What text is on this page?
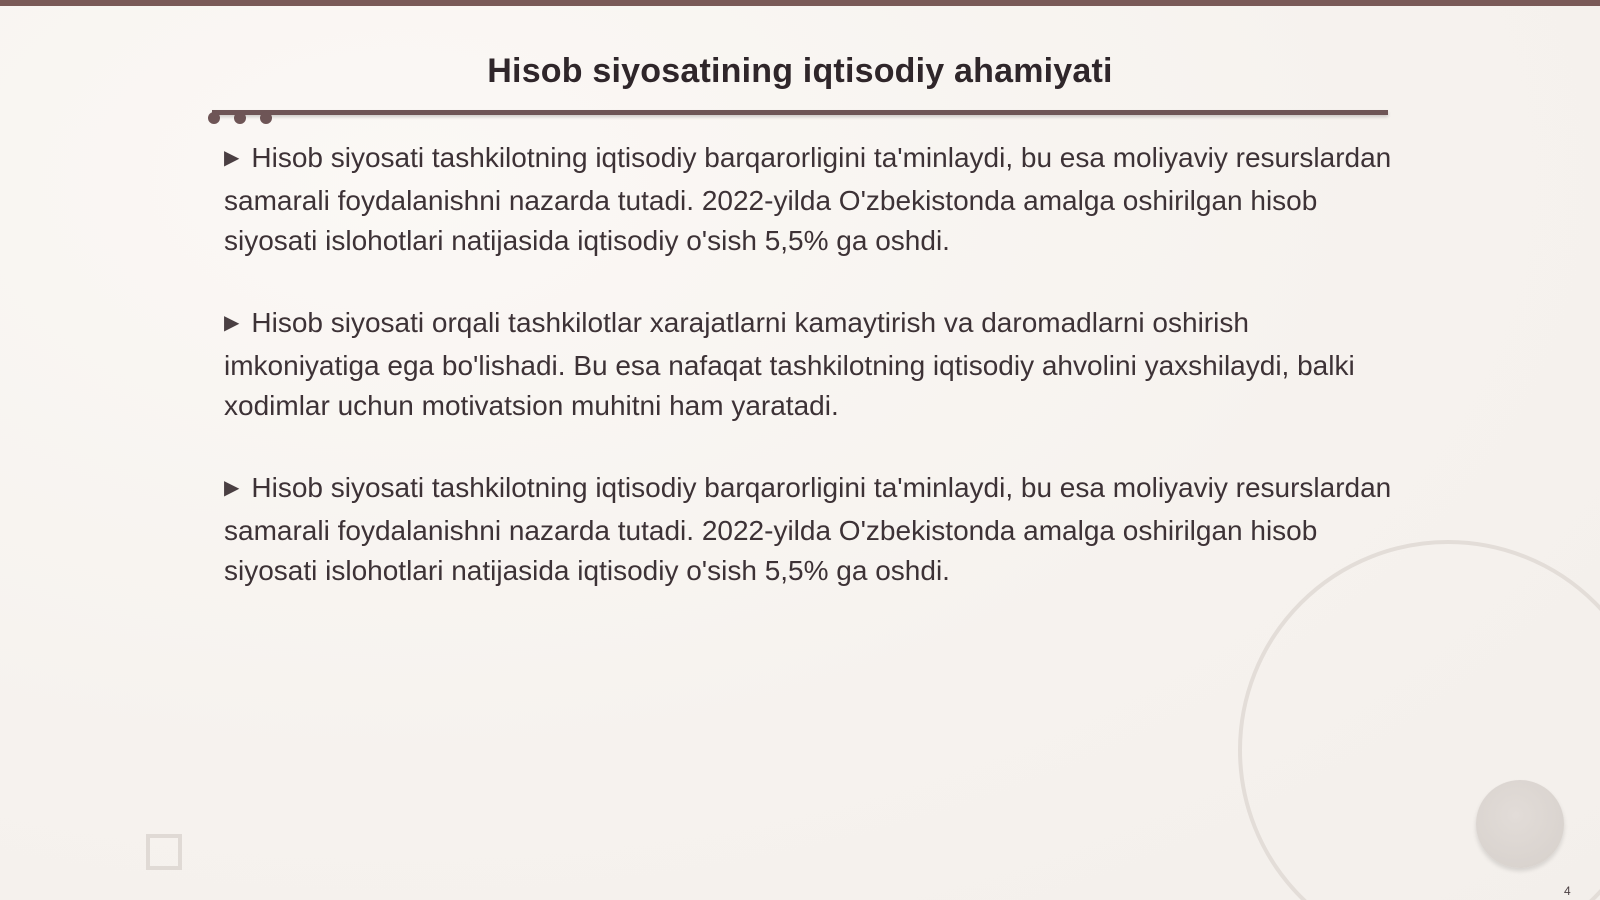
Hisob siyosatining iqtisodiy ahamiyati

▶ Hisob siyosati tashkilotning iqtisodiy barqarorligini ta'minlaydi, bu esa moliyaviy resurslardan samarali foydalanishni nazarda tutadi. 2022-yilda O'zbekistonda amalga oshirilgan hisob siyosati islohotlari natijasida iqtisodiy o'sish 5,5% ga oshdi.

▶ Hisob siyosati orqali tashkilotlar xarajatlarni kamaytirish va daromadlarni oshirish imkoniyatiga ega bo'lishadi. Bu esa nafaqat tashkilotning iqtisodiy ahvolini yaxshilaydi, balki xodimlar uchun motivatsion muhitni ham yaratadi.

▶ Hisob siyosati tashkilotning iqtisodiy barqarorligini ta'minlaydi, bu esa moliyaviy resurslardan samarali foydalanishni nazarda tutadi. 2022-yilda O'zbekistonda amalga oshirilgan hisob siyosati islohotlari natijasida iqtisodiy o'sish 5,5% ga oshdi.

4
